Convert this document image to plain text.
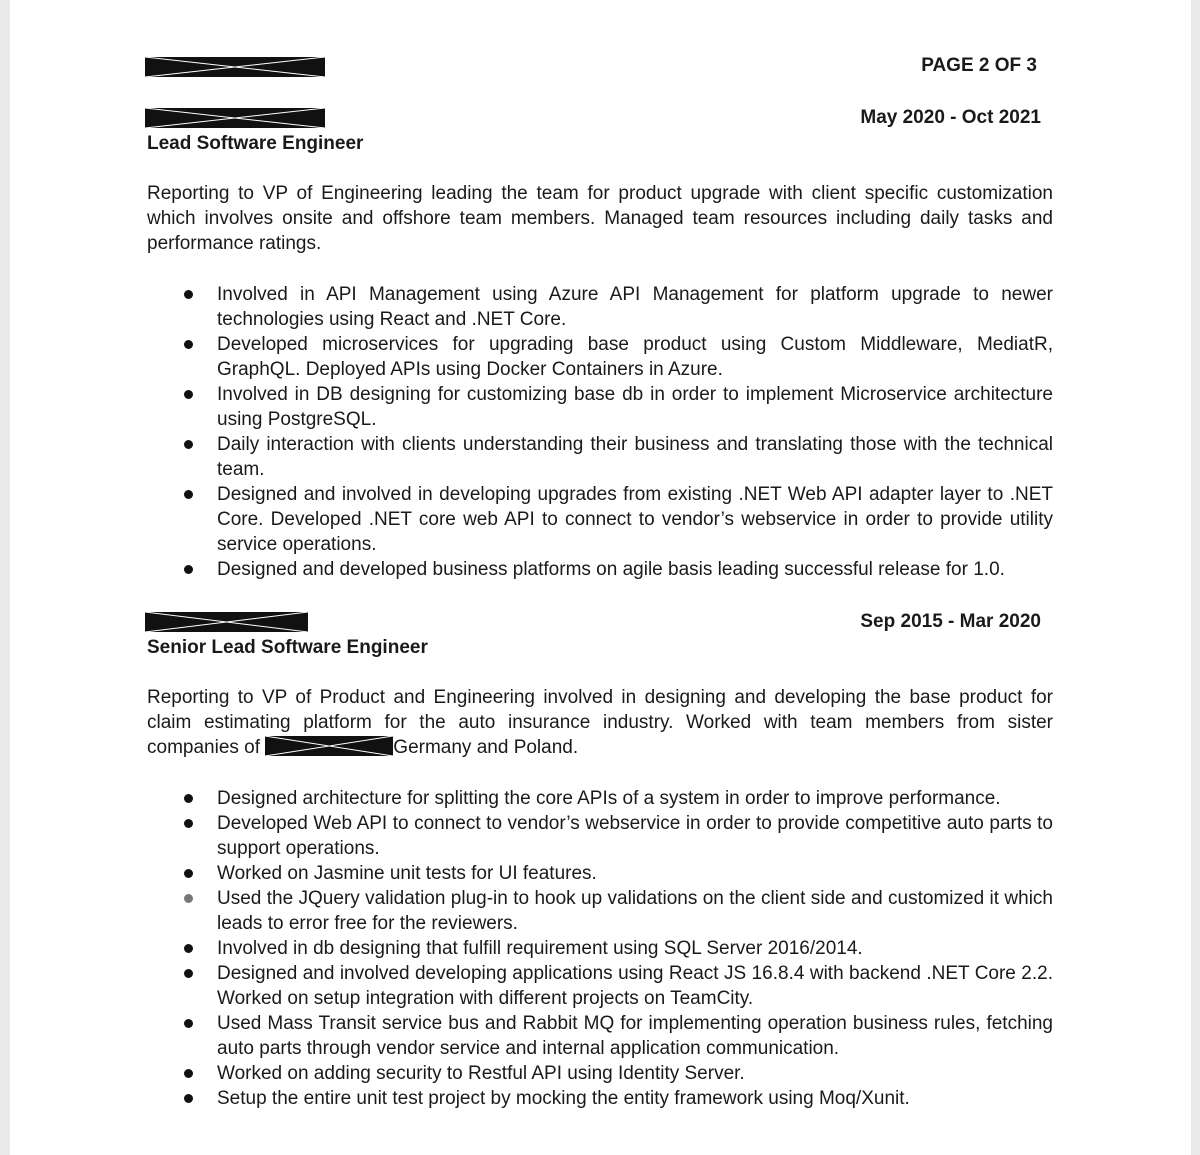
PAGE 2 OF 3
May 2020 - Oct 2021
Lead Software Engineer

Reporting to VP of Engineering leading the team for product upgrade with client specific customization which involves onsite and offshore team members. Managed team resources including daily tasks and performance ratings.

Involved in API Management using Azure API Management for platform upgrade to newer technologies using React and .NET Core.
Developed microservices for upgrading base product using Custom Middleware, MediatR, GraphQL. Deployed APIs using Docker Containers in Azure.
Involved in DB designing for customizing base db in order to implement Microservice architecture using PostgreSQL.
Daily interaction with clients understanding their business and translating those with the technical team.
Designed and involved in developing upgrades from existing .NET Web API adapter layer to .NET Core. Developed .NET core web API to connect to vendor’s webservice in order to provide utility service operations.
Designed and developed business platforms on agile basis leading successful release for 1.0.
Sep 2015 - Mar 2020
Senior Lead Software Engineer

Reporting to VP of Product and Engineering involved in designing and developing the base product for claim estimating platform for the auto insurance industry. Worked with team members from sister companies of	Germany and Poland.

Designed architecture for splitting the core APIs of a system in order to improve performance.
Developed Web API to connect to vendor’s webservice in order to provide competitive auto parts to support operations.
Worked on Jasmine unit tests for UI features.
Used the JQuery validation plug-in to hook up validations on the client side and customized it which leads to error free for the reviewers.
Involved in db designing that fulfill requirement using SQL Server 2016/2014.
Designed and involved developing applications using React JS 16.8.4 with backend .NET Core 2.2. Worked on setup integration with different projects on TeamCity.
Used Mass Transit service bus and Rabbit MQ for implementing operation business rules, fetching auto parts through vendor service and internal application communication.
Worked on adding security to Restful API using Identity Server.
Setup the entire unit test project by mocking the entity framework using Moq/Xunit.
